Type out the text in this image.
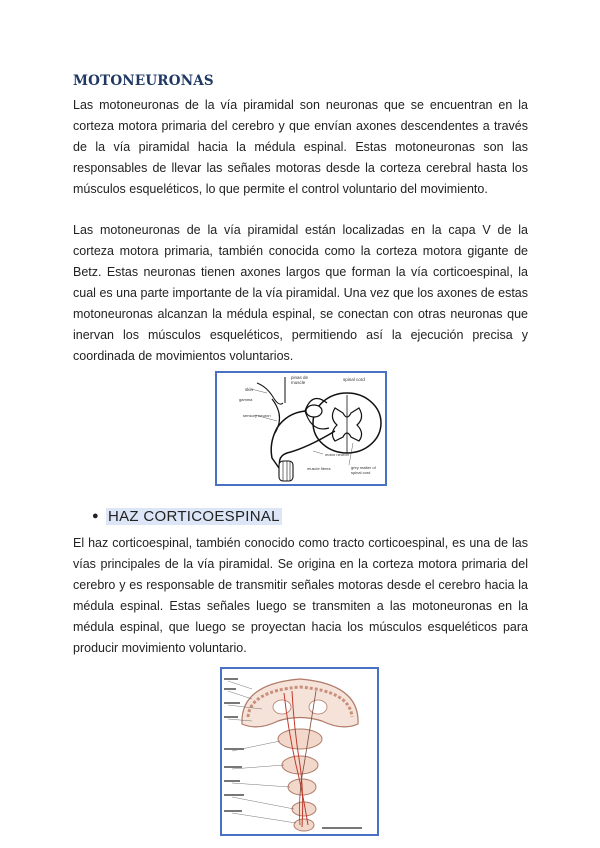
MOTONEURONAS

Las motoneuronas de la vía piramidal son neuronas que se encuentran en la corteza motora primaria del cerebro y que envían axones descendentes a través de la vía piramidal hacia la médula espinal. Estas motoneuronas son las responsables de llevar las señales motoras desde la corteza cerebral hasta los músculos esqueléticos, lo que permite el control voluntario del movimiento.

Las motoneuronas de la vía piramidal están localizadas en la capa V de la corteza motora primaria, también conocida como la corteza motora gigante de Betz. Estas neuronas tienen axones largos que forman la vía corticoespinal, la cual es una parte importante de la vía piramidal. Una vez que los axones de estas motoneuronas alcanzan la médula espinal, se conectan con otras neuronas que inervan los músculos esqueléticos, permitiendo así la ejecución precisa y coordinada de movimientos voluntarios.

spinal cord
pinas de muscle
skin
gamma
sensory neuron
motor neuron
muscle fibres	grey matter of spinal cord
● HAZ CORTICOESPINAL

El haz corticoespinal, también conocido como tracto corticoespinal, es una de las vías principales de la vía piramidal. Se origina en la corteza motora primaria del cerebro y es responsable de transmitir señales motoras desde el cerebro hacia la médula espinal. Estas señales luego se transmiten a las motoneuronas en la médula espinal, que luego se proyectan hacia los músculos esqueléticos para producir movimiento voluntario.
